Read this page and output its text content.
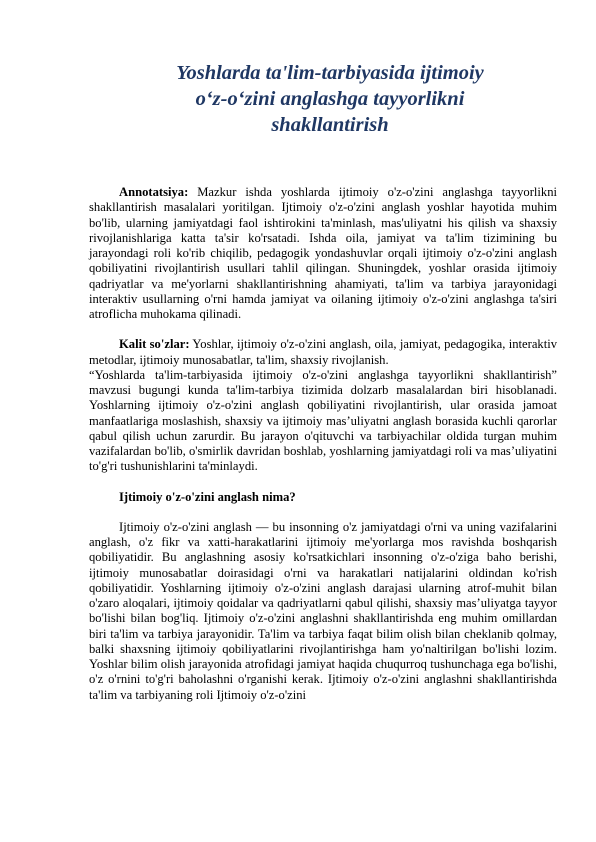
Yoshlarda ta'lim-tarbiyasida ijtimoiy
o‘z-o‘zini anglashga tayyorlikni
shakllantirish

Annotatsiya: Mazkur ishda yoshlarda ijtimoiy o'z-o'zini anglashga tayyorlikni shakllantirish masalalari yoritilgan. Ijtimoiy o'z-o'zini anglash yoshlar hayotida muhim bo'lib, ularning jamiyatdagi faol ishtirokini ta'minlash, mas'uliyatni his qilish va shaxsiy rivojlanishlariga katta ta'sir ko'rsatadi. Ishda oila, jamiyat va ta'lim tizimining bu jarayondagi roli ko'rib chiqilib, pedagogik yondashuvlar orqali ijtimoiy o'z-o'zini anglash qobiliyatini rivojlantirish usullari tahlil qilingan. Shuningdek, yoshlar orasida ijtimoiy qadriyatlar va me'yorlarni shakllantirishning ahamiyati, ta'lim va tarbiya jarayonidagi interaktiv usullarning o'rni hamda jamiyat va oilaning ijtimoiy o'z-o'zini anglashga ta'siri atroflicha muhokama qilinadi.

Kalit so'zlar: Yoshlar, ijtimoiy o'z-o'zini anglash, oila, jamiyat, pedagogika, interaktiv metodlar, ijtimoiy munosabatlar, ta'lim, shaxsiy rivojlanish.

“Yoshlarda ta'lim-tarbiyasida ijtimoiy o'z-o'zini anglashga tayyorlikni shakllantirish” mavzusi bugungi kunda ta'lim-tarbiya tizimida dolzarb masalalardan biri hisoblanadi. Yoshlarning ijtimoiy o'z-o'zini anglash qobiliyatini rivojlantirish, ular orasida jamoat manfaatlariga moslashish, shaxsiy va ijtimoiy mas’uliyatni anglash borasida kuchli qarorlar qabul qilish uchun zarurdir. Bu jarayon o'qituvchi va tarbiyachilar oldida turgan muhim vazifalardan bo'lib, o'smirlik davridan boshlab, yoshlarning jamiyatdagi roli va mas’uliyatini to'g'ri tushunishlarini ta'minlaydi.

Ijtimoiy o'z-o'zini anglash nima?

Ijtimoiy o'z-o'zini anglash — bu insonning o'z jamiyatdagi o'rni va uning vazifalarini anglash, o'z fikr va xatti-harakatlarini ijtimoiy me'yorlarga mos ravishda boshqarish qobiliyatidir. Bu anglashning asosiy ko'rsatkichlari insonning o'z-o'ziga baho berishi, ijtimoiy munosabatlar doirasidagi o'rni va harakatlari natijalarini oldindan ko'rish qobiliyatidir. Yoshlarning ijtimoiy o'z-o'zini anglash darajasi ularning atrof-muhit bilan o'zaro aloqalari, ijtimoiy qoidalar va qadriyatlarni qabul qilishi, shaxsiy mas’uliyatga tayyor bo'lishi bilan bog'liq. Ijtimoiy o'z-o'zini anglashni shakllantirishda eng muhim omillardan biri ta'lim va tarbiya jarayonidir. Ta'lim va tarbiya faqat bilim olish bilan cheklanib qolmay, balki shaxsning ijtimoiy qobiliyatlarini rivojlantirishga ham yo'naltirilgan bo'lishi lozim. Yoshlar bilim olish jarayonida atrofidagi jamiyat haqida chuqurroq tushunchaga ega bo'lishi, o'z o'rnini to'g'ri baholashni o'rganishi kerak. Ijtimoiy o'z-o'zini anglashni shakllantirishda ta'lim va tarbiyaning roli Ijtimoiy o'z-o'zini
